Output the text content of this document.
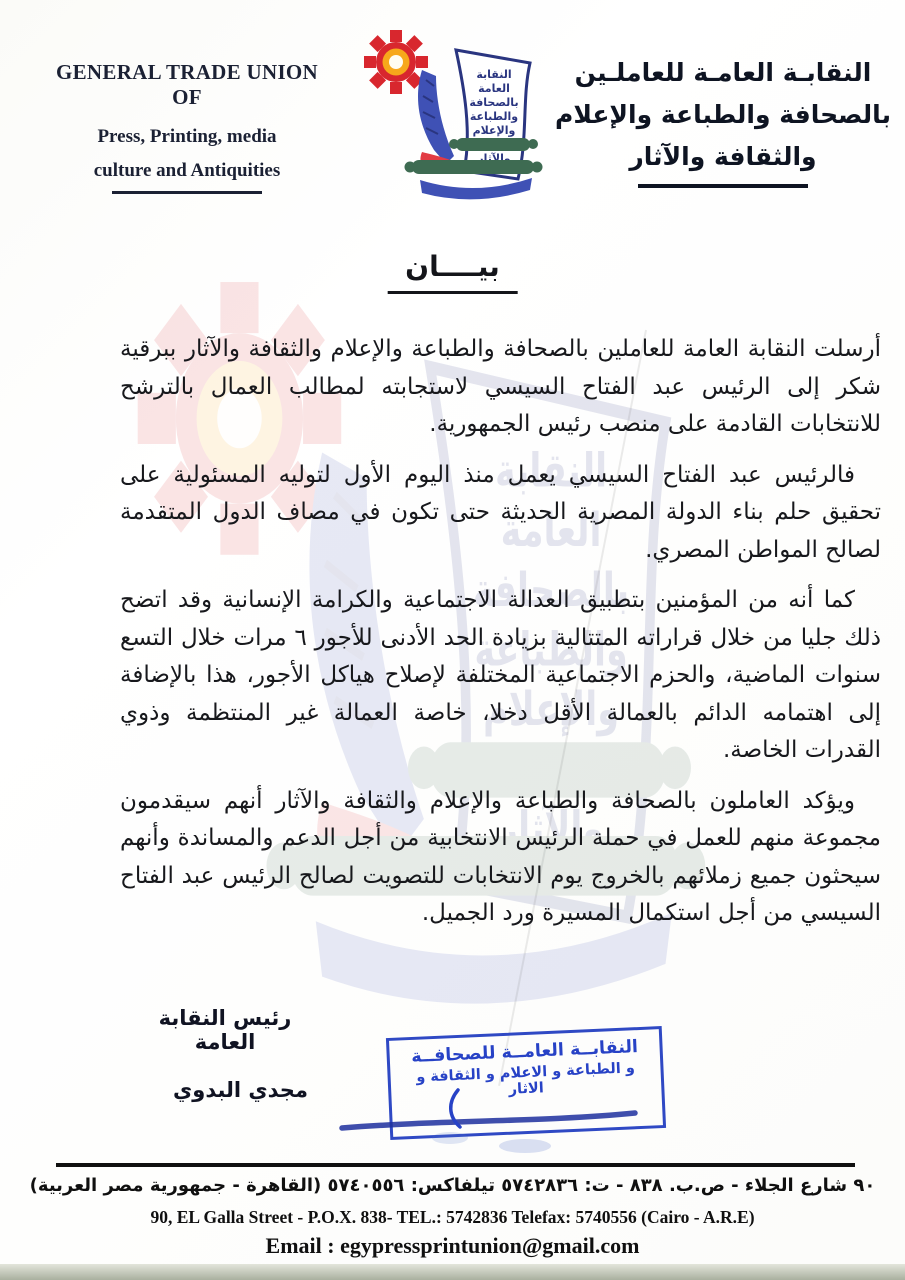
GENERAL TRADE UNION OF
Press, Printing, media
culture and Antiquities
النقابـة العامـة للعاملـين
بالصحافة والطباعة والإعلام
والثقافة والآثار
بيــــان

أرسلت النقابة العامة للعاملين بالصحافة والطباعة والإعلام والثقافة والآثار ببرقية شكر إلى الرئيس عبد الفتاح السيسي لاستجابته لمطالب العمال بالترشح للانتخابات القادمة على منصب رئيس الجمهورية.

فالرئيس عبد الفتاح السيسي يعمل منذ اليوم الأول لتوليه المسئولية على تحقيق حلم بناء الدولة المصرية الحديثة حتى تكون في مصاف الدول المتقدمة لصالح المواطن المصري.

كما أنه من المؤمنين بتطبيق العدالة الاجتماعية والكرامة الإنسانية وقد اتضح ذلك جليا من خلال قراراته المتتالية بزيادة الحد الأدنى للأجور ٦ مرات خلال التسع سنوات الماضية، والحزم الاجتماعية المختلفة لإصلاح هياكل الأجور، هذا بالإضافة إلى اهتمامه الدائم بالعمالة الأقل دخلا، خاصة العمالة غير المنتظمة وذوي القدرات الخاصة.

ويؤكد العاملون بالصحافة والطباعة والإعلام والثقافة والآثار أنهم سيقدمون مجموعة منهم للعمل في حملة الرئيس الانتخابية من أجل الدعم والمساندة وأنهم سيحثون جميع زملائهم بالخروج يوم الانتخابات للتصويت لصالح الرئيس عبد الفتاح السيسي من أجل استكمال المسيرة ورد الجميل.

رئيس النقابة العامة
مجدي البدوي
النقابــة العامــة للصحافــة
و الطباعة و الاعلام و الثقافة و الاثار
٩٠ شارع الجلاء - ص.ب. ٨٣٨ - ت: ٥٧٤٢٨٣٦ تيلفاكس: ٥٧٤٠٥٥٦ (القاهرة - جمهورية مصر العربية)
90, EL Galla Street - P.O.X. 838- TEL.: 5742836 Telefax: 5740556 (Cairo - A.R.E)
Email : egypressprintunion@gmail.com
